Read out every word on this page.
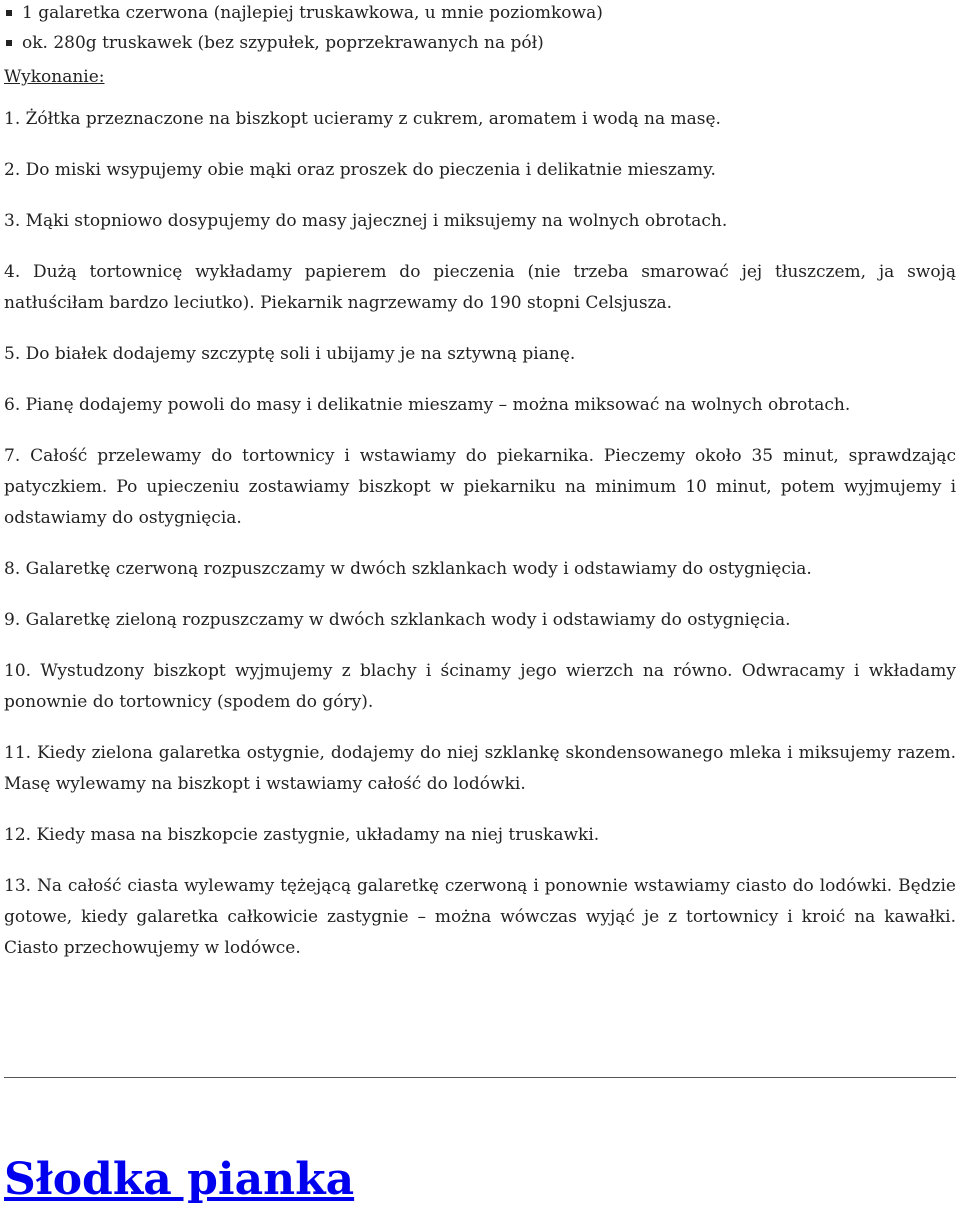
1 galaretka czerwona (najlepiej truskawkowa, u mnie poziomkowa)
ok. 280g truskawek (bez szypułek, poprzekrawanych na pół)
Wykonanie:

1. Żółtka przeznaczone na biszkopt ucieramy z cukrem, aromatem i wodą na masę.

2. Do miski wsypujemy obie mąki oraz proszek do pieczenia i delikatnie mieszamy.

3. Mąki stopniowo dosypujemy do masy jajecznej i miksujemy na wolnych obrotach.

4. Dużą tortownicę wykładamy papierem do pieczenia (nie trzeba smarować jej tłuszczem, ja swoją natłuściłam bardzo leciutko). Piekarnik nagrzewamy do 190 stopni Celsjusza.

5. Do białek dodajemy szczyptę soli i ubijamy je na sztywną pianę.

6. Pianę dodajemy powoli do masy i delikatnie mieszamy – można miksować na wolnych obrotach.

7. Całość przelewamy do tortownicy i wstawiamy do piekarnika. Pieczemy około 35 minut, sprawdzając patyczkiem. Po upieczeniu zostawiamy biszkopt w piekarniku na minimum 10 minut, potem wyjmujemy i odstawiamy do ostygnięcia.

8. Galaretkę czerwoną rozpuszczamy w dwóch szklankach wody i odstawiamy do ostygnięcia.

9. Galaretkę zieloną rozpuszczamy w dwóch szklankach wody i odstawiamy do ostygnięcia.

10. Wystudzony biszkopt wyjmujemy z blachy i ścinamy jego wierzch na równo. Odwracamy i wkładamy ponownie do tortownicy (spodem do góry).

11. Kiedy zielona galaretka ostygnie, dodajemy do niej szklankę skondensowanego mleka i miksujemy razem. Masę wylewamy na biszkopt i wstawiamy całość do lodówki.

12. Kiedy masa na biszkopcie zastygnie, układamy na niej truskawki.

13. Na całość ciasta wylewamy tężejącą galaretkę czerwoną i ponownie wstawiamy ciasto do lodówki. Będzie gotowe, kiedy galaretka całkowicie zastygnie – można wówczas wyjąć je z tortownicy i kroić na kawałki. Ciasto przechowujemy w lodówce.

Słodka pianka
